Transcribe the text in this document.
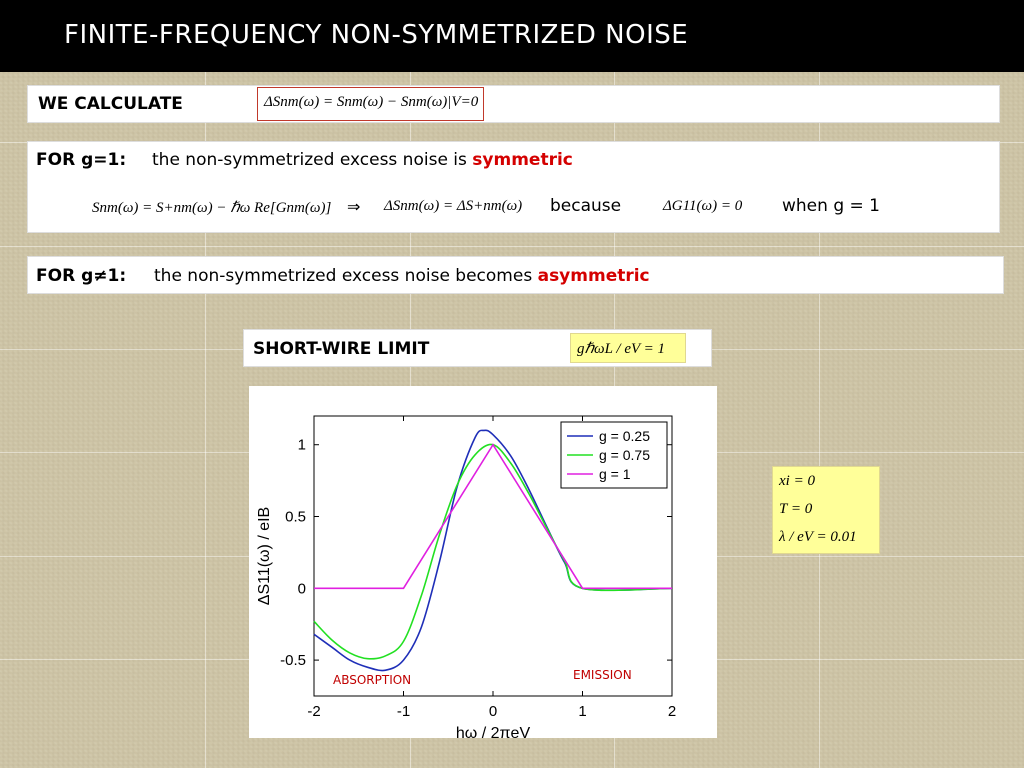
FINITE-FREQUENCY NON-SYMMETRIZED NOISE
WE CALCULATE	ΔSnm(ω) = Snm(ω) − Snm(ω)|V=0
FOR g=1: the non-symmetrized excess noise is symmetric
Snm(ω) = S+nm(ω) − ℏω Re[Gnm(ω)] ⇒ ΔSnm(ω) = ΔS+nm(ω) because	ΔG11(ω) = 0 when g = 1
FOR g≠1: the non-symmetrized excess noise becomes asymmetric
SHORT-WIRE LIMIT	gℏωL / eV = 1
xi = 0
T = 0
λ / eV = 0.01
-2	-1	0	1	2
-0.5
0
0.5
1
hω / 2πeV
ΔS11(ω) / eIB
g = 0.25
g = 0.75
g = 1
ABSORPTION	EMISSION
